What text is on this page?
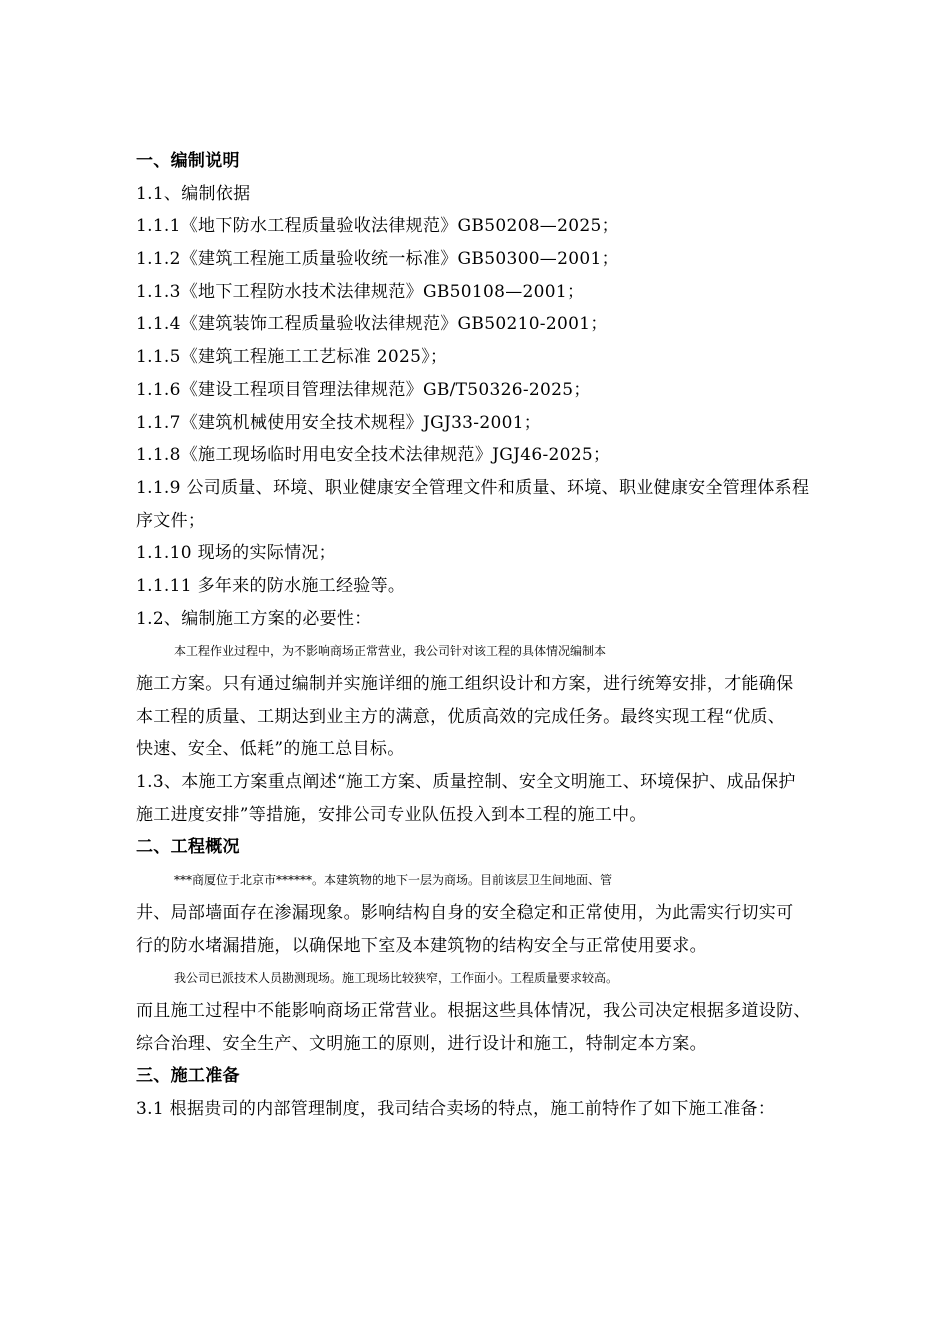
一、编制说明
1.1、编制依据
1.1.1《地下防水工程质量验收法律规范》GB50208—2025；
1.1.2《建筑工程施工质量验收统一标准》GB50300—2001；
1.1.3《地下工程防水技术法律规范》GB50108—2001；
1.1.4《建筑装饰工程质量验收法律规范》GB50210-2001；
1.1.5《建筑工程施工工艺标准 2025》；
1.1.6《建设工程项目管理法律规范》GB/T50326-2025；
1.1.7《建筑机械使用安全技术规程》JGJ33-2001；
1.1.8《施工现场临时用电安全技术法律规范》JGJ46-2025；
1.1.9 公司质量、环境、职业健康安全管理文件和质量、环境、职业健康安全管理体系程
序文件；
1.1.10 现场的实际情况；
1.1.11 多年来的防水施工经验等。
1.2、编制施工方案的必要性：
本工程作业过程中，为不影响商场正常营业，我公司针对该工程的具体情况编制本
施工方案。只有通过编制并实施详细的施工组织设计和方案，进行统筹安排，才能确保
本工程的质量、工期达到业主方的满意，优质高效的完成任务。最终实现工程“优质、
快速、安全、低耗”的施工总目标。
1.3、本施工方案重点阐述“施工方案、质量控制、安全文明施工、环境保护、成品保护
施工进度安排”等措施，安排公司专业队伍投入到本工程的施工中。
二、工程概况
***商厦位于北京市******。本建筑物的地下一层为商场。目前该层卫生间地面、管
井、局部墙面存在渗漏现象。影响结构自身的安全稳定和正常使用，为此需实行切实可
行的防水堵漏措施，以确保地下室及本建筑物的结构安全与正常使用要求。
我公司已派技术人员勘测现场。施工现场比较狭窄，工作面小。工程质量要求较高。
而且施工过程中不能影响商场正常营业。根据这些具体情况，我公司决定根据多道设防、
综合治理、安全生产、文明施工的原则，进行设计和施工，特制定本方案。
三、施工准备
3.1 根据贵司的内部管理制度，我司结合卖场的特点，施工前特作了如下施工准备：
